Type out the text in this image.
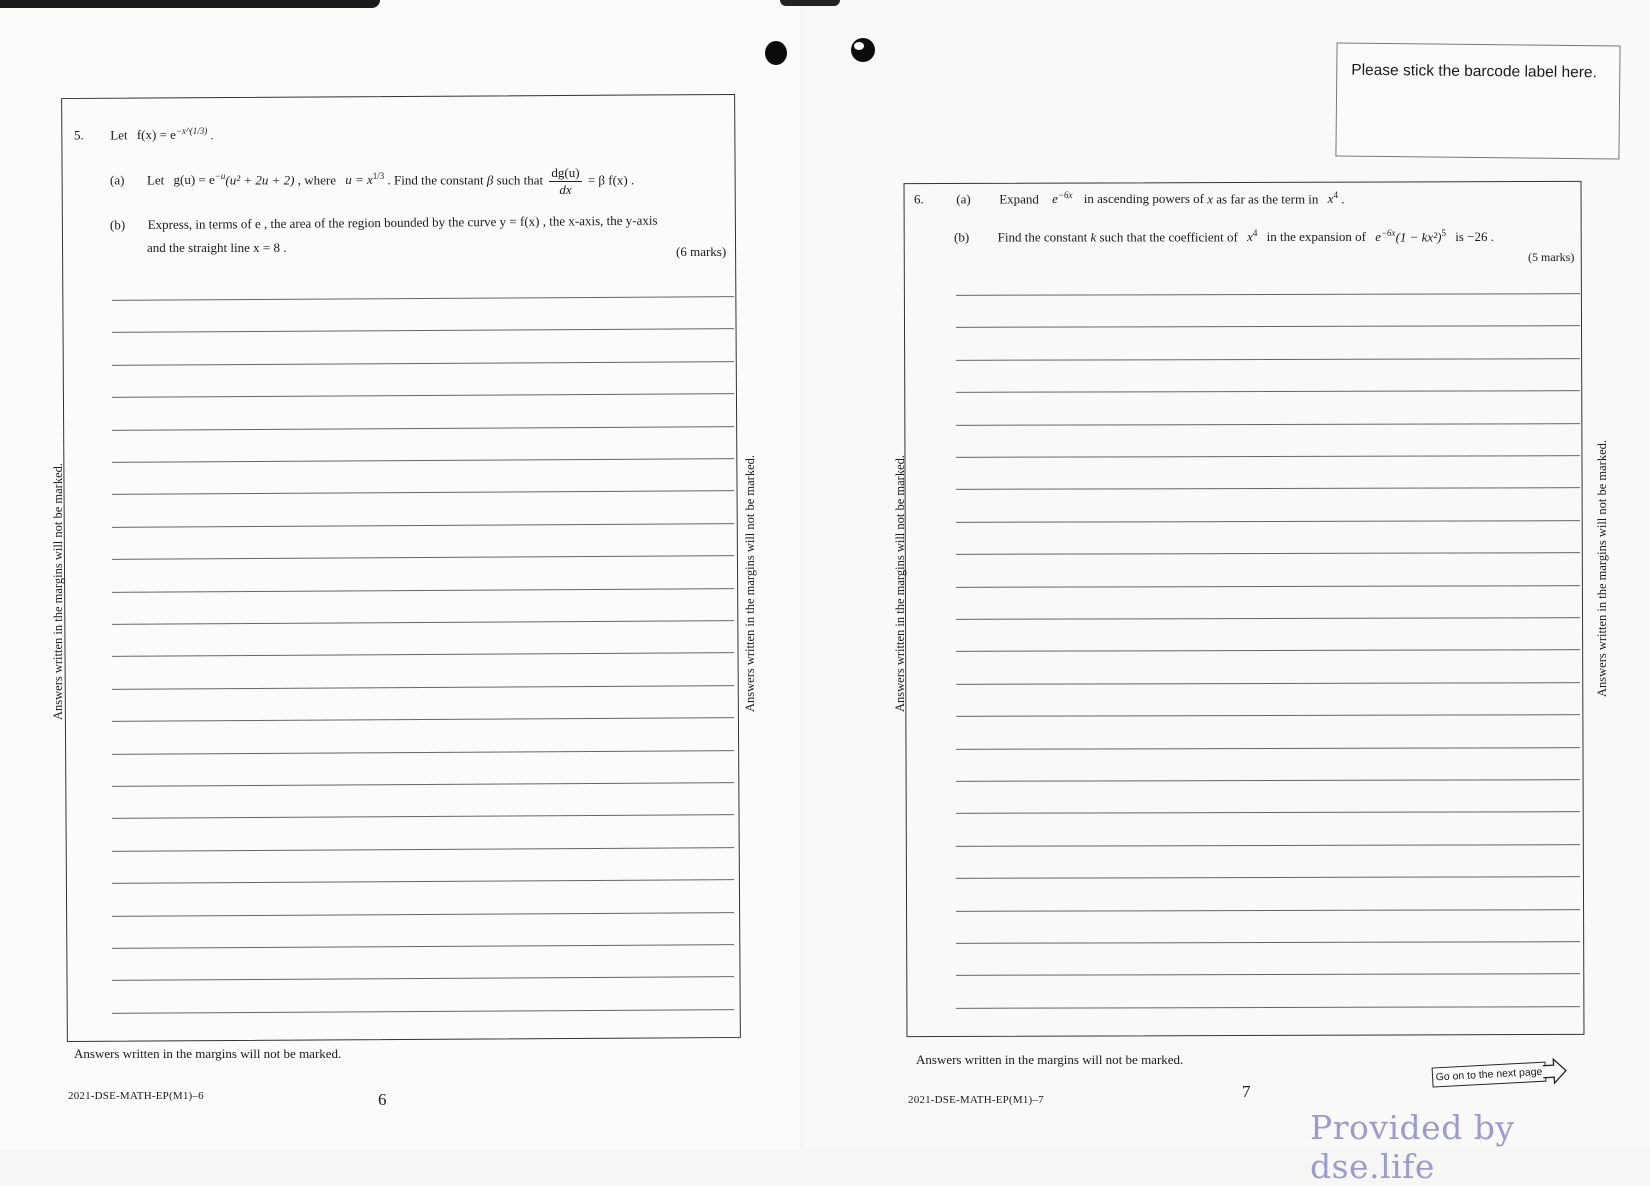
5. Let $f(x) = e^{-x\^{}(1/3)}$ .
(a) Let $g(u) = e^{-u}(u^2 + 2u + 2)$ , where $u = x^{1/3}$ . Find the constant β such that $\frac{dg(u)}{dx} = \beta$ f(x) .
(b) Express, in terms of e , the area of the region bounded by the curve y = f(x) , the x-axis, the y-axis
and the straight line x = 8 .	(6 marks)
Answers written in the margins will not be marked.	Answers written in the margins will not be marked.
Answers written in the margins will not be marked.
2021-DSE-MATH-EP(M1)–6	6
Please stick the barcode label here.
6.	(a) Expand $e^{-6x}$ in ascending powers of x as far as the term in $x^4$ .
(b) Find the constant k such that the coefficient of $x^4$ in the expansion of $e^{-6x}(1 - kx^2)^5$ is −26 .
(5 marks)
Answers written in the margins will not be marked.	Answers written in the margins will not be marked.
Answers written in the margins will not be marked.
2021-DSE-MATH-EP(M1)–7	7
Go on to the next page
Provided by dse.life
